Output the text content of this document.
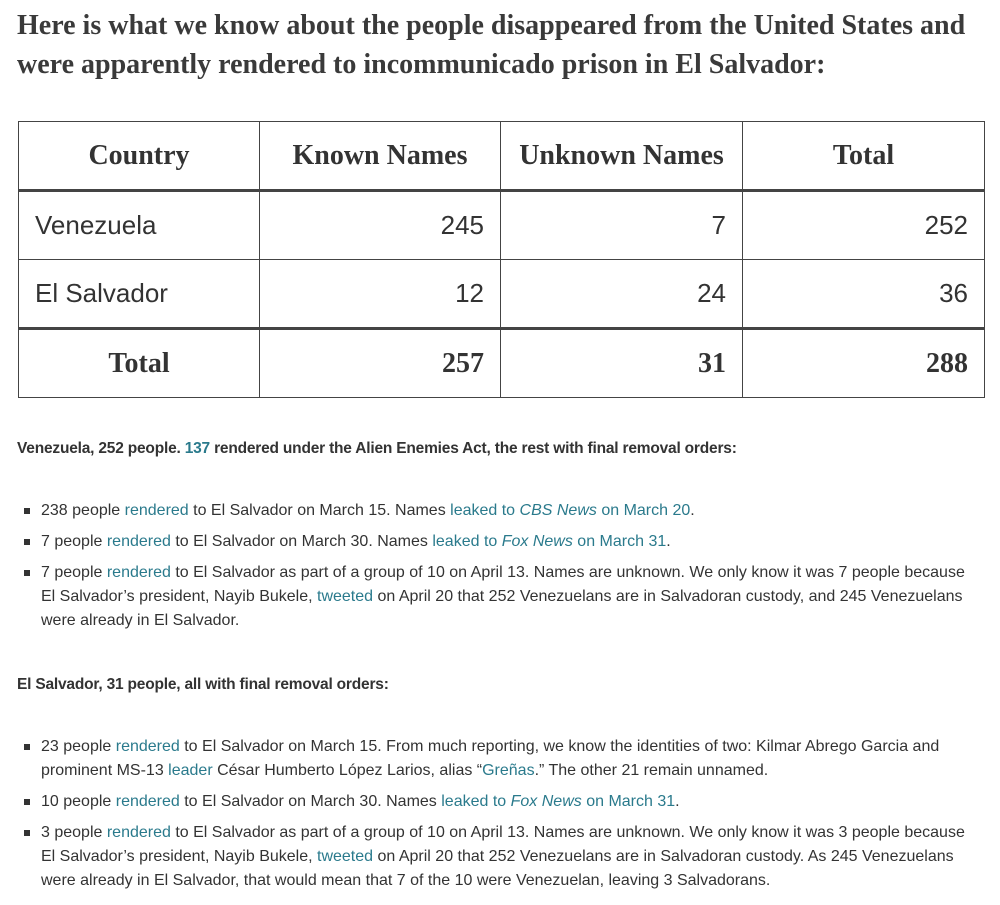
Here is what we know about the people disappeared from the United States and were apparently rendered to incommunicado prison in El Salvador:
Country	Known Names	Unknown Names	Total
Venezuela	245	7	252
El Salvador	12	24	36
Total	257	31	288

Venezuela, 252 people. 137 rendered under the Alien Enemies Act, the rest with final removal orders:

238 people rendered to El Salvador on March 15. Names leaked to CBS News on March 20.
7 people rendered to El Salvador on March 30. Names leaked to Fox News on March 31.
7 people rendered to El Salvador as part of a group of 10 on April 13. Names are unknown. We only know it was 7 people because El Salvador’s president, Nayib Bukele, tweeted on April 20 that 252 Venezuelans are in Salvadoran custody, and 245 Venezuelans were already in El Salvador.

El Salvador, 31 people, all with final removal orders:

23 people rendered to El Salvador on March 15. From much reporting, we know the identities of two: Kilmar Abrego Garcia and prominent MS-13 leader César Humberto López Larios, alias “Greñas.” The other 21 remain unnamed.
10 people rendered to El Salvador on March 30. Names leaked to Fox News on March 31.
3 people rendered to El Salvador as part of a group of 10 on April 13. Names are unknown. We only know it was 3 people because El Salvador’s president, Nayib Bukele, tweeted on April 20 that 252 Venezuelans are in Salvadoran custody. As 245 Venezuelans were already in El Salvador, that would mean that 7 of the 10 were Venezuelan, leaving 3 Salvadorans.
